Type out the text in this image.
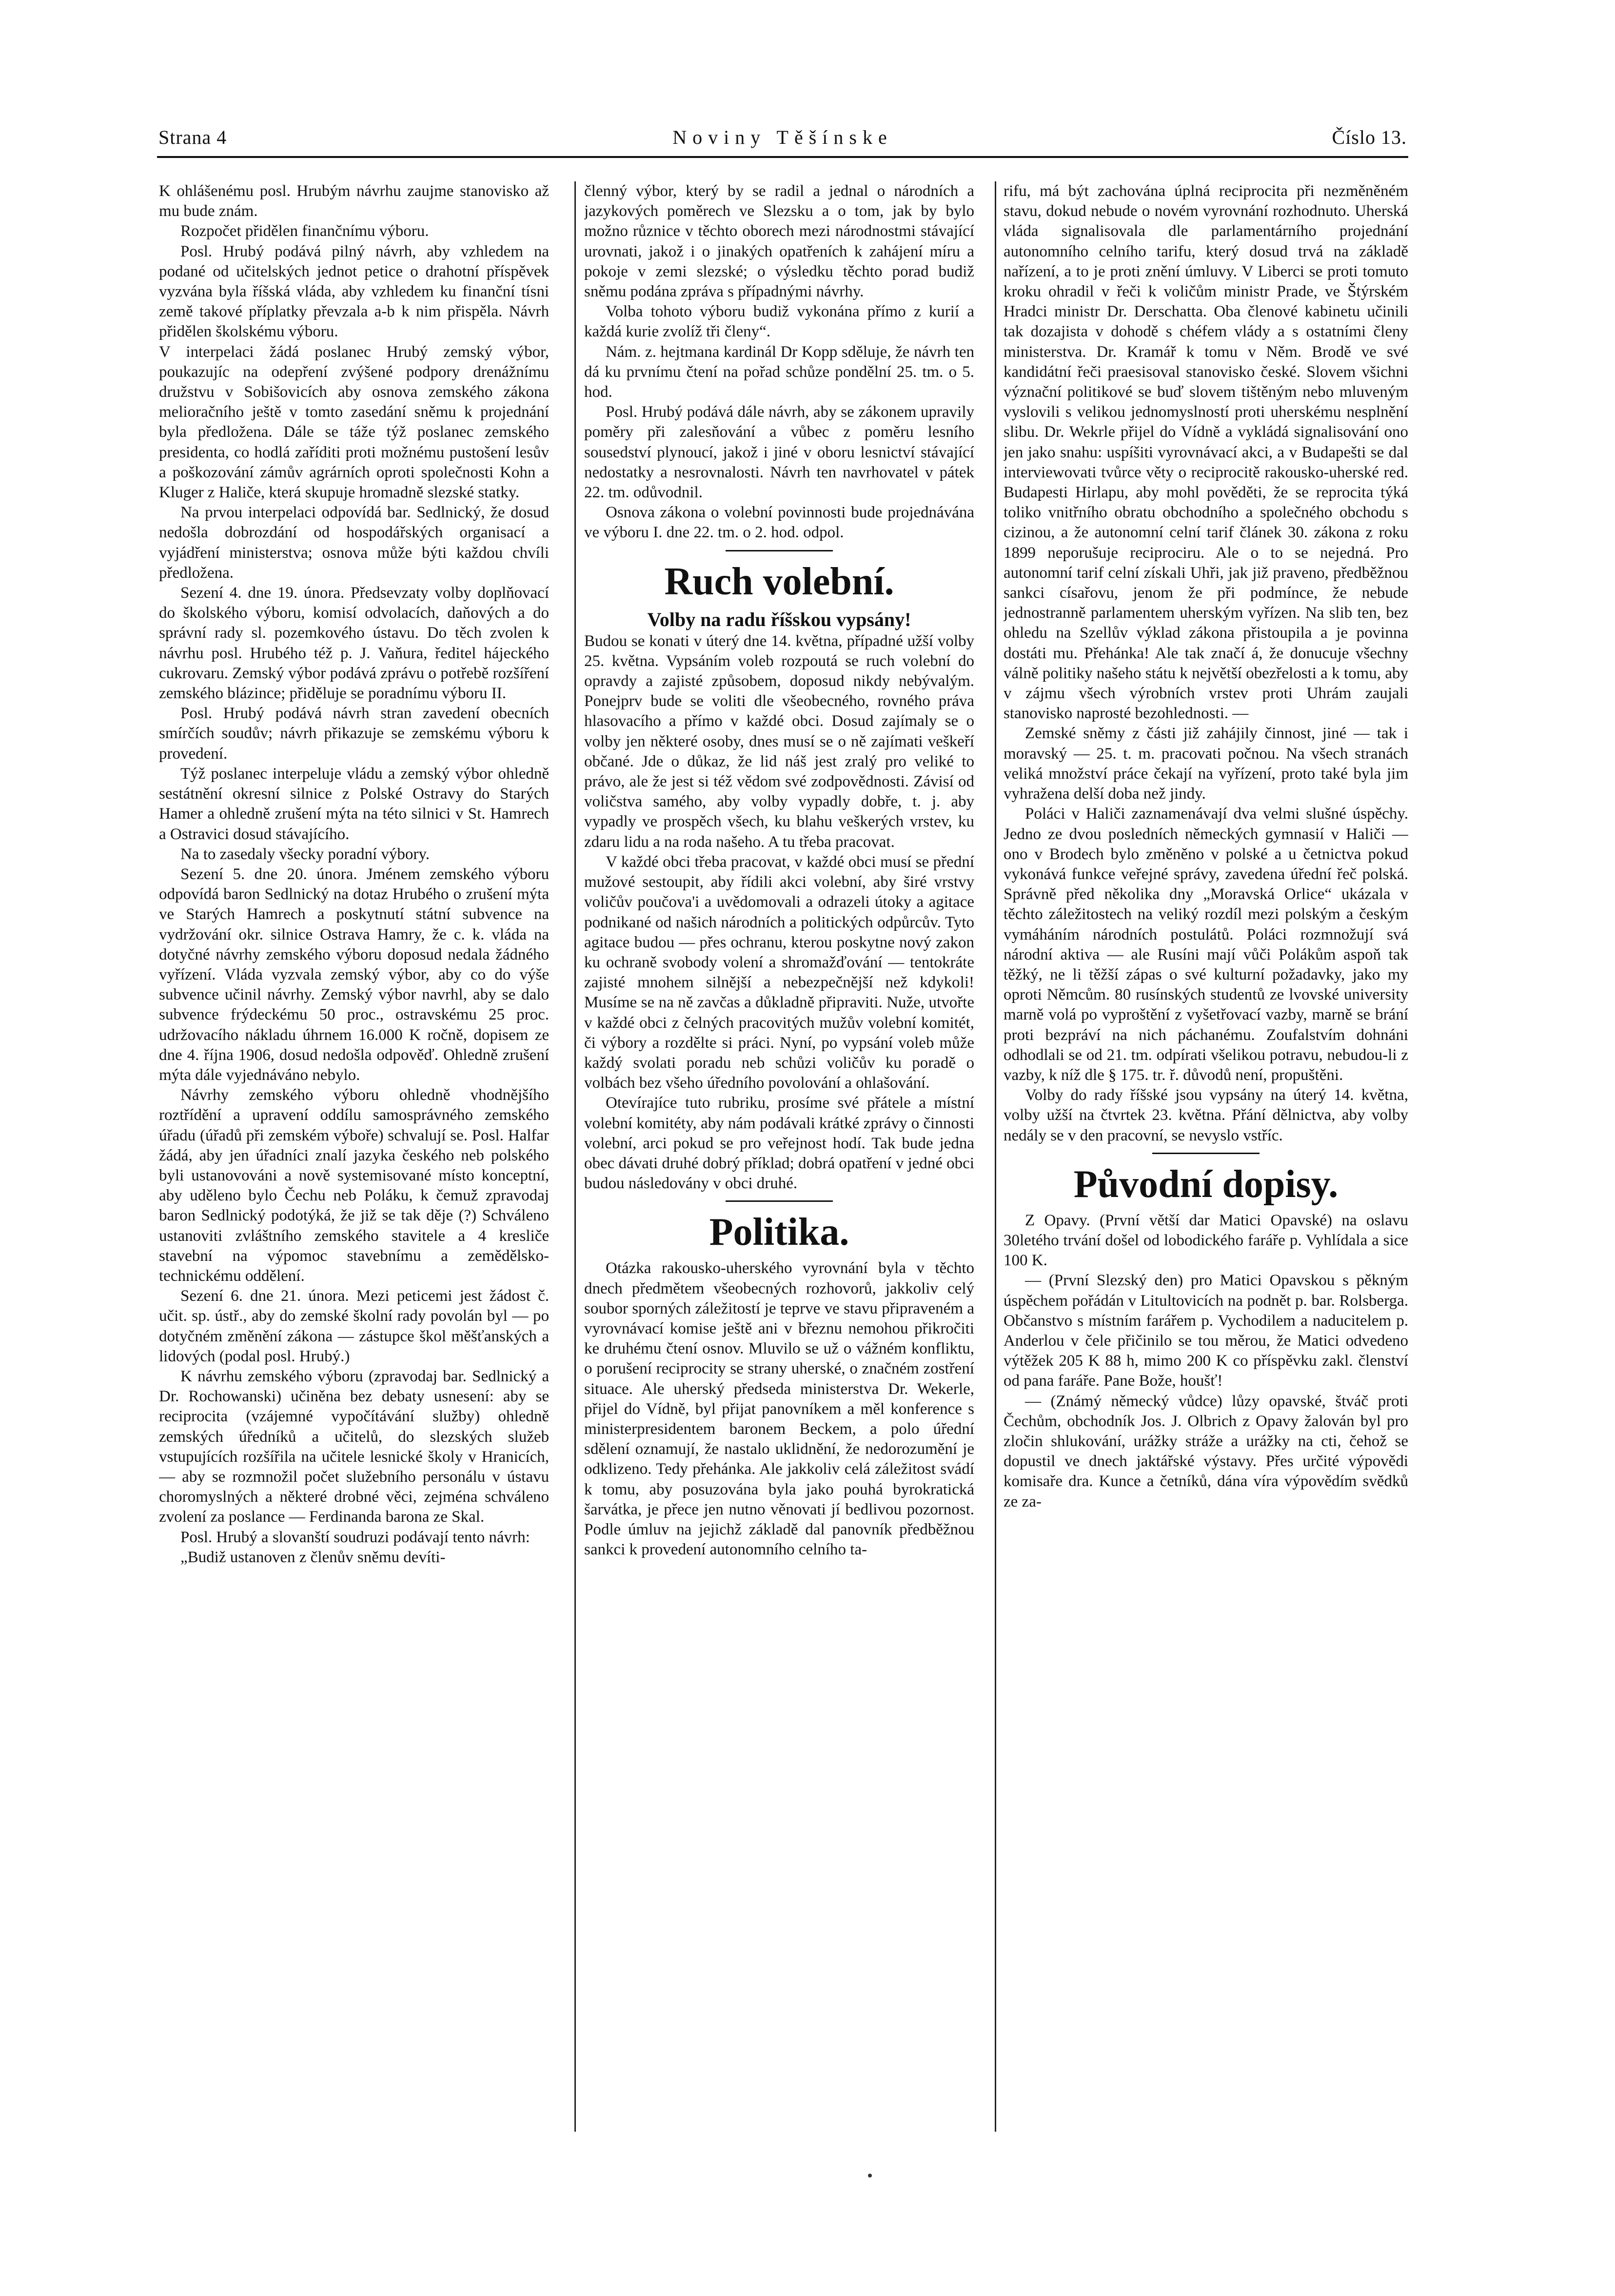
Strana 4	Noviny Těšínske	Číslo 13.

K ohlášenému posl. Hrubým návrhu zaujme stanovisko až mu bude znám.

Rozpočet přidělen finančnímu výboru.

Posl. Hrubý podává pilný návrh, aby vzhledem na podané od učitelských jednot petice o drahotní příspěvek vyzvána byla říšská vláda, aby vzhledem ku finanční tísni země takové příplatky převzala a-b k nim přispěla. Návrh přidělen školskému výboru.

V interpelaci žádá poslanec Hrubý zemský výbor, poukazujíc na odepření zvýšené podpory drenážnímu družstvu v Sobišovicích aby osnova zemského zákona melioračního ještě v tomto zasedání sněmu k projednání byla předložena. Dále se táže týž poslanec zemského presidenta, co hodlá zaříditi proti možnému pustošení lesův a poškozování zámův agrárních oproti společnosti Kohn a Kluger z Haliče, která skupuje hromadně slezské statky.

Na prvou interpelaci odpovídá bar. Sedlnický, že dosud nedošla dobrozdání od hospodářských organisací a vyjádření ministerstva; osnova může býti každou chvíli předložena.

Sezení 4. dne 19. února. Předsevzaty volby doplňovací do školského výboru, komisí odvolacích, daňových a do správní rady sl. pozemkového ústavu. Do těch zvolen k návrhu posl. Hrubého též p. J. Vaňura, ředitel hájeckého cukrovaru. Zemský výbor podává zprávu o potřebě rozšíření zemského blázince; přiděluje se poradnímu výboru II.

Posl. Hrubý podává návrh stran zavedení obecních smírčích soudův; návrh přikazuje se zemskému výboru k provedení.

Týž poslanec interpeluje vládu a zemský výbor ohledně sestátnění okresní silnice z Polské Ostravy do Starých Hamer a ohledně zrušení mýta na této silnici v St. Hamrech a Ostravici dosud stávajícího.

Na to zasedaly všecky poradní výbory.

Sezení 5. dne 20. února. Jménem zemského výboru odpovídá baron Sedlnický na dotaz Hrubého o zrušení mýta ve Starých Hamrech a poskytnutí státní subvence na vydržování okr. silnice Ostrava Hamry, že c. k. vláda na dotyčné návrhy zemského výboru doposud nedala žádného vyřízení. Vláda vyzvala zemský výbor, aby co do výše subvence učinil návrhy. Zemský výbor navrhl, aby se dalo subvence frýdeckému 50 proc., ostravskému 25 proc. udržovacího nákladu úhrnem 16.000 K ročně, dopisem ze dne 4. října 1906, dosud nedošla odpověď. Ohledně zrušení mýta dále vyjednáváno nebylo.

Návrhy zemského výboru ohledně vhodnějšího roztřídění a upravení oddílu samosprávného zemského úřadu (úřadů při zemském výboře) schvalují se. Posl. Halfar žádá, aby jen úřadníci znalí jazyka českého neb polského byli ustanovováni a nově systemisované místo konceptní, aby uděleno bylo Čechu neb Poláku, k čemuž zpravodaj baron Sedlnický podotýká, že již se tak děje (?) Schváleno ustanoviti zvláštního zemského stavitele a 4 kresliče stavební na výpomoc stavebnímu a zemědělsko-technickému oddělení.

Sezení 6. dne 21. února. Mezi peticemi jest žádost č. učit. sp. ústř., aby do zemské školní rady povolán byl — po dotyčném změnění zákona — zástupce škol měšťanských a lidových (podal posl. Hrubý.)

K návrhu zemského výboru (zpravodaj bar. Sedlnický a Dr. Rochowanski) učiněna bez debaty usnesení: aby se reciprocita (vzájemné vypočítávání služby) ohledně zemských úředníků a učitelů, do slezských služeb vstupujících rozšířila na učitele lesnické školy v Hranicích, — aby se rozmnožil počet služebního personálu v ústavu choromyslných a některé drobné věci, zejména schváleno zvolení za poslance — Ferdinanda barona ze Skal.

Posl. Hrubý a slovanští soudruzi podávají tento návrh:

„Budiž ustanoven z členův sněmu devíti-

členný výbor, který by se radil a jednal o národních a jazykových poměrech ve Slezsku a o tom, jak by bylo možno různice v těchto oborech mezi národnostmi stávající urovnati, jakož i o jinakých opatřeních k zahájení míru a pokoje v zemi slezské; o výsledku těchto porad budiž sněmu podána zpráva s případnými návrhy.

Volba tohoto výboru budiž vykonána přímo z kurií a každá kurie zvolíž tři členy“.

Nám. z. hejtmana kardinál Dr Kopp sděluje, že návrh ten dá ku prvnímu čtení na pořad schůze pondělní 25. tm. o 5. hod.

Posl. Hrubý podává dále návrh, aby se zákonem upravily poměry při zalesňování a vůbec z poměru lesního sousedství plynoucí, jakož i jiné v oboru lesnictví stávající nedostatky a nesrovnalosti. Návrh ten navrhovatel v pátek 22. tm. odůvodnil.

Osnova zákona o volební povinnosti bude projednávána ve výboru I. dne 22. tm. o 2. hod. odpol.

Ruch volební.
Volby na radu říšskou vypsány!

Budou se konati v úterý dne 14. května, případné užší volby 25. května. Vypsáním voleb rozpoutá se ruch volební do opravdy a zajisté způsobem, doposud nikdy nebývalým. Ponejprv bude se voliti dle všeobecného, rovného práva hlasovacího a přímo v každé obci. Dosud zajímaly se o volby jen některé osoby, dnes musí se o ně zajímati veškeří občané. Jde o důkaz, že lid náš jest zralý pro veliké to právo, ale že jest si též vědom své zodpovědnosti. Závisí od voličstva samého, aby volby vypadly dobře, t. j. aby vypadly ve prospěch všech, ku blahu veškerých vrstev, ku zdaru lidu a na roda našeho. A tu třeba pracovat.

V každé obci třeba pracovat, v každé obci musí se přední mužové sestoupit, aby řídili akci volební, aby širé vrstvy voličův poučova'i a uvědomovali a odrazeli útoky a agitace podnikané od našich národních a politických odpůrcův. Tyto agitace budou — přes ochranu, kterou poskytne nový zakon ku ochraně svobody volení a shromažďování — tentokráte zajisté mnohem silnější a nebezpečnější než kdykoli! Musíme se na ně zavčas a důkladně připraviti. Nuže, utvořte v každé obci z čelných pracovitých mužův volební komitét, či výbory a rozdělte si práci. Nyní, po vypsání voleb může každý svolati poradu neb schůzi voličův ku poradě o volbách bez všeho úředního povolování a ohlašování.

Otevírajíce tuto rubriku, prosíme své přátele a místní volební komitéty, aby nám podávali krátké zprávy o činnosti volební, arci pokud se pro veřejnost hodí. Tak bude jedna obec dávati druhé dobrý příklad; dobrá opatření v jedné obci budou následovány v obci druhé.

Politika.

Otázka rakousko-uherského vyrovnání byla v těchto dnech předmětem všeobecných rozhovorů, jakkoliv celý soubor sporných záležitostí je teprve ve stavu připraveném a vyrovnávací komise ještě ani v březnu nemohou přikročiti ke druhému čtení osnov. Mluvilo se už o vážném konfliktu, o porušení reciprocity se strany uherské, o značném zostření situace. Ale uherský předseda ministerstva Dr. Wekerle, přijel do Vídně, byl přijat panovníkem a měl konference s ministerpresidentem baronem Beckem, a polo úřední sdělení oznamují, že nastalo uklidnění, že nedorozumění je odklizeno. Tedy přehánka. Ale jakkoliv celá záležitost svádí k tomu, aby posuzována byla jako pouhá byrokratická šarvátka, je přece jen nutno věnovati jí bedlivou pozornost. Podle úmluv na jejichž základě dal panovník předběžnou sankci k provedení autonomního celního ta-

rifu, má být zachována úplná reciprocita při nezměněném stavu, dokud nebude o novém vyrovnání rozhodnuto. Uherská vláda signalisovala dle parlamentárního projednání autonomního celního tarifu, který dosud trvá na základě nařízení, a to je proti znění úmluvy. V Liberci se proti tomuto kroku ohradil v řeči k voličům ministr Prade, ve Štýrském Hradci ministr Dr. Derschatta. Oba členové kabinetu učinili tak dozajista v dohodě s chéfem vlády a s ostatními členy ministerstva. Dr. Kramář k tomu v Něm. Brodě ve své kandidátní řeči praesisoval stanovisko české. Slovem všichni význační politikové se buď slovem tištěným nebo mluveným vyslovili s velikou jednomyslností proti uherskému nesplnění slibu. Dr. Wekrle přijel do Vídně a vykládá signalisování ono jen jako snahu: uspíšiti vyrovnávací akci, a v Budapešti se dal interviewovati tvůrce věty o reciprocitě rakousko-uherské red. Budapesti Hirlapu, aby mohl pověděti, že se reprocita týká toliko vnitřního obratu obchodního a společného obchodu s cizinou, a že autonomní celní tarif článek 30. zákona z roku 1899 neporušuje reciprociru. Ale o to se nejedná. Pro autonomní tarif celní získali Uhři, jak již praveno, předběžnou sankci císařovu, jenom že při podmínce, že nebude jednostranně parlamentem uherským vyřízen. Na slib ten, bez ohledu na Szellův výklad zákona přistoupila a je povinna dostáti mu. Přehánka! Ale tak značí á, že donucuje všechny válně politiky našeho státu k největší obezřelosti a k tomu, aby v zájmu všech výrobních vrstev proti Uhrám zaujali stanovisko naprosté bezohlednosti. —

Zemské sněmy z části již zahájily činnost, jiné — tak i moravský — 25. t. m. pracovati počnou. Na všech stranách veliká množství práce čekají na vyřízení, proto také byla jim vyhražena delší doba než jindy.

Poláci v Haliči zaznamenávají dva velmi slušné úspěchy. Jedno ze dvou posledních německých gymnasií v Haliči — ono v Brodech bylo změněno v polské a u četnictva pokud vykonává funkce veřejné správy, zavedena úřední řeč polská. Správně před několika dny „Moravská Orlice“ ukázala v těchto záležitostech na veliký rozdíl mezi polským a českým vymáháním národních postulátů. Poláci rozmnožují svá národní aktiva — ale Rusíni mají vůči Polákům aspoň tak těžký, ne li těžší zápas o své kulturní požadavky, jako my oproti Němcům. 80 rusínských studentů ze lvovské university marně volá po vyproštění z vyšetřovací vazby, marně se brání proti bezpráví na nich páchanému. Zoufalstvím dohnáni odhodlali se od 21. tm. odpírati všelikou potravu, nebudou-li z vazby, k níž dle § 175. tr. ř. důvodů není, propuštěni.

Volby do rady říšské jsou vypsány na úterý 14. května, volby užší na čtvrtek 23. května. Přání dělnictva, aby volby nedály se v den pracovní, se nevyslo vstříc.

Původní dopisy.

Z Opavy. (První větší dar Matici Opavské) na oslavu 30letého trvání došel od lobodického faráře p. Vyhlídala a sice 100 K.

— (První Slezský den) pro Matici Opavskou s pěkným úspěchem pořádán v Litultovicích na podnět p. bar. Rolsberga. Občanstvo s místním farářem p. Vychodilem a naducitelem p. Anderlou v čele přičinilo se tou měrou, že Matici odvedeno výtěžek 205 K 88 h, mimo 200 K co příspěvku zakl. členství od pana faráře. Pane Bože, houšť!

— (Známý německý vůdce) lůzy opavské, štváč proti Čechům, obchodník Jos. J. Olbrich z Opavy žalován byl pro zločin shlukování, urážky stráže a urážky na cti, čehož se dopustil ve dnech jaktářské výstavy. Přes určité výpovědi komisaře dra. Kunce a četníků, dána víra výpovědím svědků ze za-
